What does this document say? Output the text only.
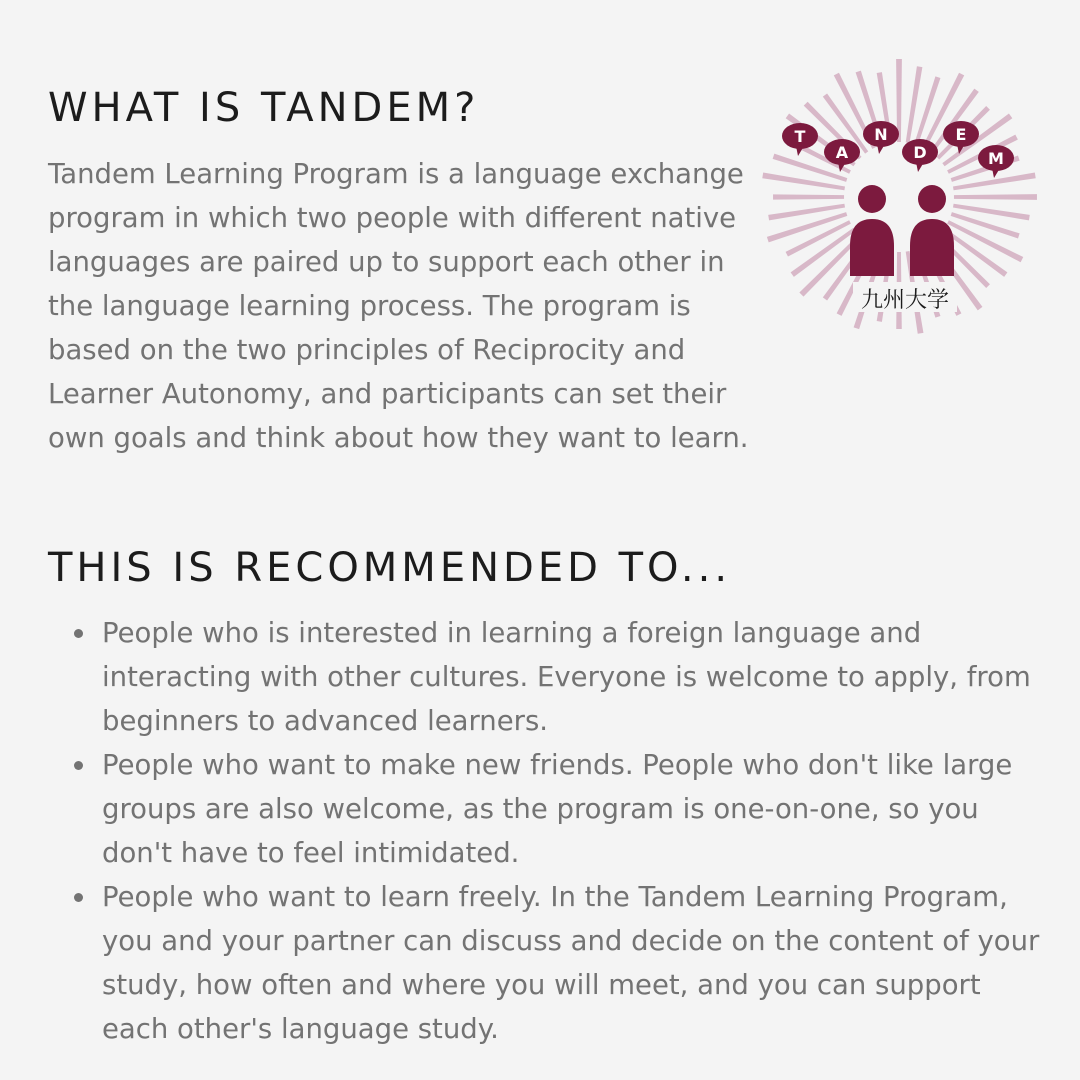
WHAT IS TANDEM?

Tandem Learning Program is a language exchange program in which two people with different native languages are paired up to support each other in the language learning process. The program is based on the two principles of Reciprocity and Learner Autonomy, and participants can set their own goals and think about how they want to learn.

T
A
N
D
E
M
九州大学
THIS IS RECOMMENDED TO...
People who is interested in learning a foreign language and interacting with other cultures. Everyone is welcome to apply, from beginners to advanced learners.
People who want to make new friends. People who don't like large groups are also welcome, as the program is one-on-one, so you don't have to feel intimidated.
People who want to learn freely. In the Tandem Learning Program, you and your partner can discuss and decide on the content of your study, how often and where you will meet, and you can support each other's language study.
